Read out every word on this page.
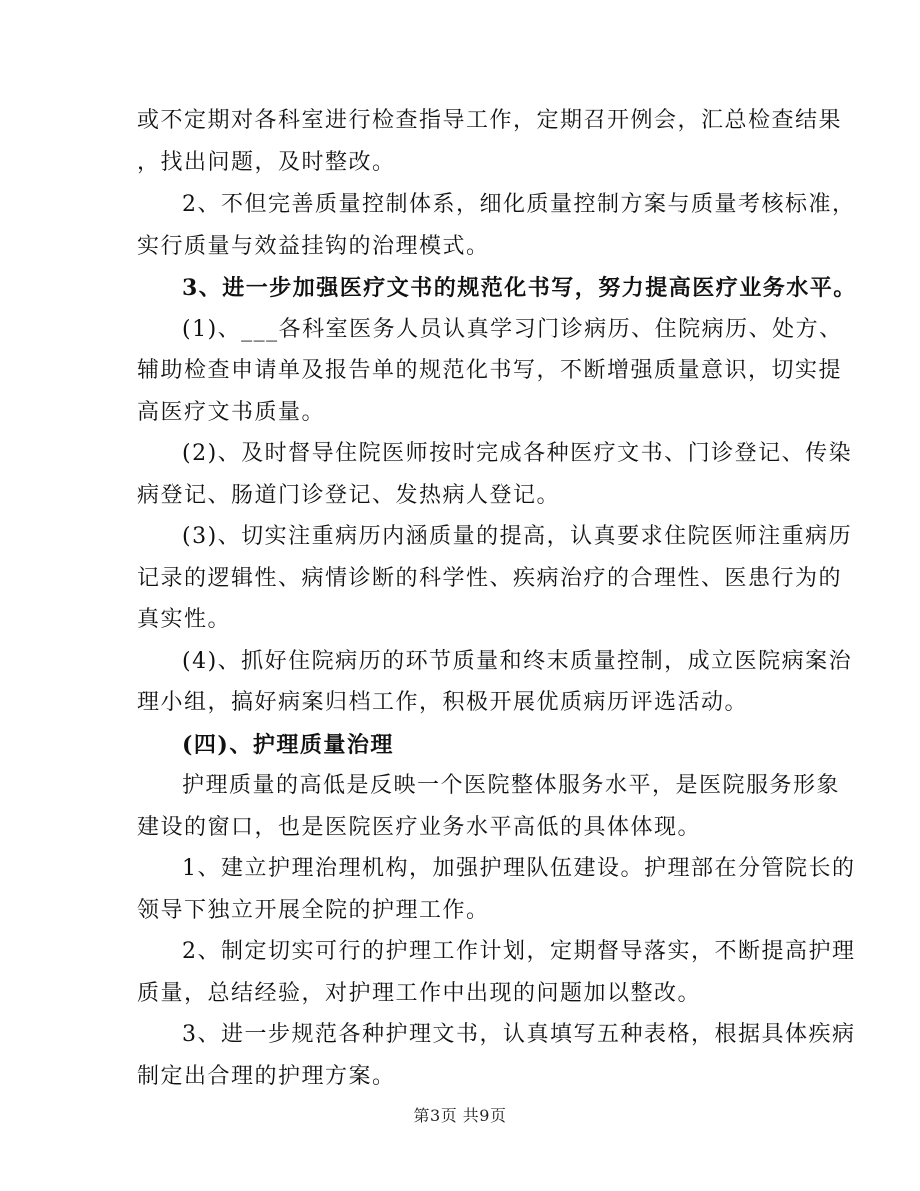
或不定期对各科室进行检查指导工作，定期召开例会，汇总检查结果
，找出问题，及时整改。
2、不但完善质量控制体系，细化质量控制方案与质量考核标准，
实行质量与效益挂钩的治理模式。
3、进一步加强医疗文书的规范化书写，努力提高医疗业务水平。
(1)、___各科室医务人员认真学习门诊病历、住院病历、处方、
辅助检查申请单及报告单的规范化书写，不断增强质量意识，切实提
高医疗文书质量。
(2)、及时督导住院医师按时完成各种医疗文书、门诊登记、传染
病登记、肠道门诊登记、发热病人登记。
(3)、切实注重病历内涵质量的提高，认真要求住院医师注重病历
记录的逻辑性、病情诊断的科学性、疾病治疗的合理性、医患行为的
真实性。
(4)、抓好住院病历的环节质量和终末质量控制，成立医院病案治
理小组，搞好病案归档工作，积极开展优质病历评选活动。
(四)、护理质量治理
护理质量的高低是反映一个医院整体服务水平，是医院服务形象
建设的窗口，也是医院医疗业务水平高低的具体体现。
1、建立护理治理机构，加强护理队伍建设。护理部在分管院长的
领导下独立开展全院的护理工作。
2、制定切实可行的护理工作计划，定期督导落实，不断提高护理
质量，总结经验，对护理工作中出现的问题加以整改。
3、进一步规范各种护理文书，认真填写五种表格，根据具体疾病
制定出合理的护理方案。
第3页 共9页
